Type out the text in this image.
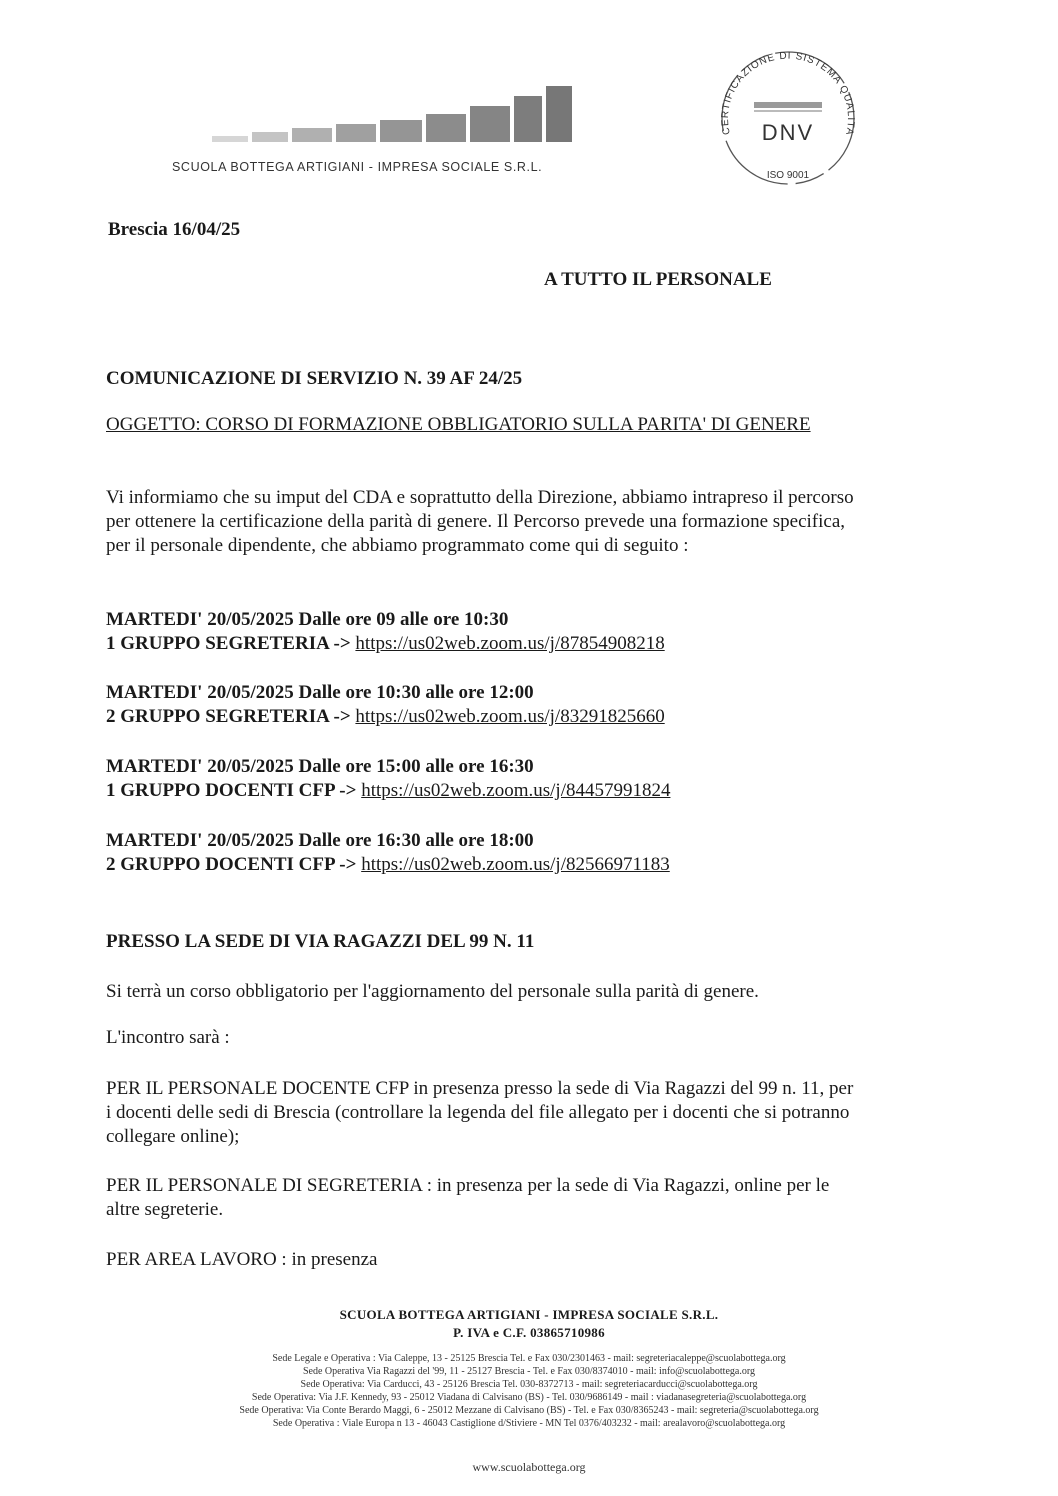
SCUOLA BOTTEGA ARTIGIANI - IMPRESA SOCIALE S.R.L.
CERTIFICAZIONE DI SISTEMA QUALITA
DNV
ISO 9001

Brescia 16/04/25

A TUTTO IL PERSONALE

COMUNICAZIONE DI SERVIZIO N. 39 AF 24/25

OGGETTO: CORSO DI FORMAZIONE OBBLIGATORIO SULLA PARITA' DI GENERE

Vi informiamo che su imput del CDA e soprattutto della Direzione, abbiamo intrapreso il percorso

per ottenere la certificazione della parità di genere. Il Percorso prevede una formazione specifica,

per il personale dipendente, che abbiamo programmato come qui di seguito :

MARTEDI' 20/05/2025 Dalle ore 09 alle ore 10:30
1 GRUPPO SEGRETERIA -> https://us02web.zoom.us/j/87854908218
MARTEDI' 20/05/2025 Dalle ore 10:30 alle ore 12:00
2 GRUPPO SEGRETERIA -> https://us02web.zoom.us/j/83291825660
MARTEDI' 20/05/2025 Dalle ore 15:00 alle ore 16:30
1 GRUPPO DOCENTI CFP -> https://us02web.zoom.us/j/84457991824
MARTEDI' 20/05/2025 Dalle ore 16:30 alle ore 18:00
2 GRUPPO DOCENTI CFP -> https://us02web.zoom.us/j/82566971183

PRESSO LA SEDE DI VIA RAGAZZI DEL 99 N. 11

Si terrà un corso obbligatorio per l'aggiornamento del personale sulla parità di genere.

L'incontro sarà :

PER IL PERSONALE DOCENTE CFP in presenza presso la sede di Via Ragazzi del 99 n. 11, per

i docenti delle sedi di Brescia (controllare la legenda del file allegato per i docenti che si potranno

collegare online);

PER IL PERSONALE DI SEGRETERIA : in presenza per la sede di Via Ragazzi, online per le

altre segreterie.

PER AREA LAVORO : in presenza

SCUOLA BOTTEGA ARTIGIANI - IMPRESA SOCIALE S.R.L.
P. IVA e C.F. 03865710986
Sede Legale e Operativa : Via Caleppe, 13 - 25125 Brescia Tel. e Fax 030/2301463 - mail: segreteriacaleppe@scuolabottega.org
Sede Operativa Via Ragazzi del '99, 11 - 25127 Brescia - Tel. e Fax 030/8374010 - mail: info@scuolabottega.org
Sede Operativa: Via Carducci, 43 - 25126 Brescia Tel. 030-8372713 - mail: segreteriacarducci@scuolabottega.org
Sede Operativa: Via J.F. Kennedy, 93 - 25012 Viadana di Calvisano (BS) - Tel. 030/9686149 - mail : viadanasegreteria@scuolabottega.org
Sede Operativa: Via Conte Berardo Maggi, 6 - 25012 Mezzane di Calvisano (BS) - Tel. e Fax 030/8365243 - mail: segreteria@scuolabottega.org
Sede Operativa : Viale Europa n 13 - 46043 Castiglione d/Stiviere - MN Tel 0376/403232 - mail: arealavoro@scuolabottega.org
www.scuolabottega.org
